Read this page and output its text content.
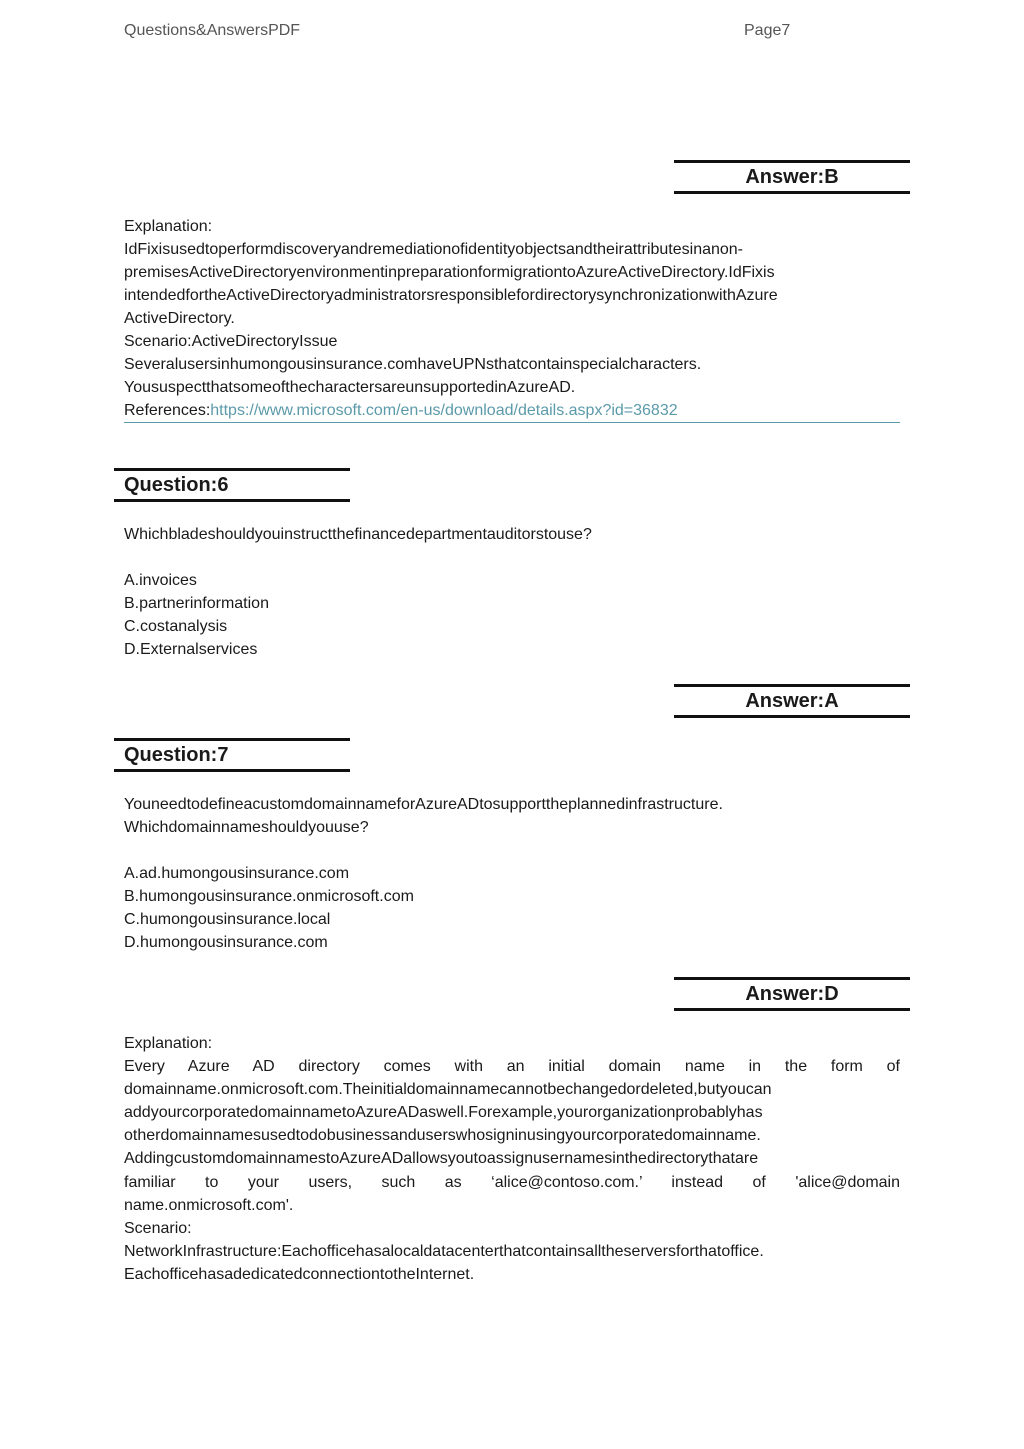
Questions&AnswersPDF	Page7
Answer:B
Explanation:
IdFixisusedtoperformdiscoveryandremediationofidentityobjectsandtheirattributesinanon-
premisesActiveDirectoryenvironmentinpreparationformigrationtoAzureActiveDirectory.IdFixis
intendedfortheActiveDirectoryadministratorsresponsiblefordirectorysynchronizationwithAzure
ActiveDirectory.
Scenario:ActiveDirectoryIssue
Severalusersinhumongousinsurance.comhaveUPNsthatcontainspecialcharacters.
YoususpectthatsomeofthecharactersareunsupportedinAzureAD.
References:https://www.microsoft.com/en-us/download/details.aspx?id=36832
Question:6
Whichbladeshouldyouinstructthefinancedepartmentauditorstouse?
A.invoices
B.partnerinformation
C.costanalysis
D.Externalservices
Answer:A
Question:7
YouneedtodefineacustomdomainnameforAzureADtosupporttheplannedinfrastructure.
Whichdomainnameshouldyouuse?
A.ad.humongousinsurance.com
B.humongousinsurance.onmicrosoft.com
C.humongousinsurance.local
D.humongousinsurance.com
Answer:D
Explanation:
Every Azure AD directory comes with an initial domain name in the form of
domainname.onmicrosoft.com.Theinitialdomainnamecannotbechangedordeleted,butyoucan
addyourcorporatedomainnametoAzureADaswell.Forexample,yourorganizationprobablyhas
otherdomainnamesusedtodobusinessanduserswhosigninusingyourcorporatedomainname.
AddingcustomdomainnamestoAzureADallowsyoutoassignusernamesinthedirectorythatare
familiar to your users, such as ‘alice@contoso.com.’ instead of 'alice@domain
name.onmicrosoft.com'.
Scenario:
NetworkInfrastructure:Eachofficehasalocaldatacenterthatcontainsalltheserversforthatoffice.
EachofficehasadedicatedconnectiontotheInternet.
